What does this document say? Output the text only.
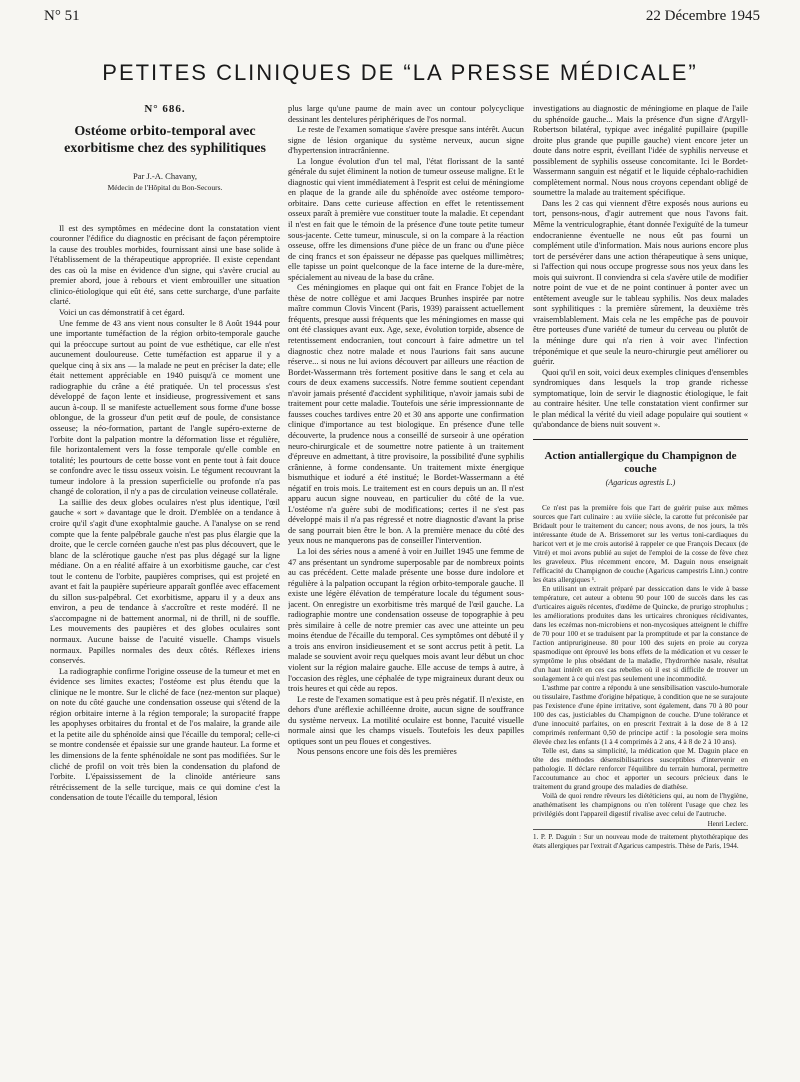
N° 51	22 Décembre 1945
PETITES CLINIQUES DE “LA PRESSE MÉDICALE”
N° 686.
Ostéome orbito-temporal avec exorbitisme chez des syphilitiques
Par J.-A. Chavany,
Médecin de l'Hôpital du Bon-Secours.

Il est des symptômes en médecine dont la constatation vient couronner l'édifice du diagnostic en précisant de façon péremptoire la cause des troubles morbides, fournissant ainsi une base solide à l'établissement de la thérapeutique appropriée. Il existe cependant des cas où la mise en évidence d'un signe, qui s'avère crucial au premier abord, joue à rebours et vient embrouiller une situation clinico-étiologique qui eût été, sans cette surcharge, d'une parfaite clarté.

Voici un cas démonstratif à cet égard.

Une femme de 43 ans vient nous consulter le 8 Août 1944 pour une importante tuméfaction de la région orbito-temporale gauche qui la préoccupe surtout au point de vue esthétique, car elle n'est aucunement douloureuse. Cette tuméfaction est apparue il y a quelque cinq à six ans — la malade ne peut en préciser la date; elle était nettement appréciable en 1940 puisqu'à ce moment une radiographie du crâne a été pratiquée. Un tel processus s'est développé de façon lente et insidieuse, progressivement et sans aucun à-coup. Il se manifeste actuellement sous forme d'une bosse oblongue, de la grosseur d'un petit œuf de poule, de consistance osseuse; la néo-formation, partant de l'angle supéro-externe de l'orbite dont la palpation montre la déformation lisse et régulière, file horizontalement vers la fosse temporale qu'elle comble en totalité; les pourtours de cette bosse vont en pente tout à fait douce se confondre avec le tissu osseux voisin. Le tégument recouvrant la tumeur indolore à la pression superficielle ou profonde n'a pas changé de coloration, il n'y a pas de circulation veineuse collatérale.

La saillie des deux globes oculaires n'est plus identique, l'œil gauche « sort » davantage que le droit. D'emblée on a tendance à croire qu'il s'agit d'une exophtalmie gauche. A l'analyse on se rend compte que la fente palpébrale gauche n'est pas plus élargie que la droite, que le cercle cornéen gauche n'est pas plus découvert, que le blanc de la sclérotique gauche n'est pas plus dégagé sur la ligne médiane. On a en réalité affaire à un exorbitisme gauche, car c'est tout le contenu de l'orbite, paupières comprises, qui est projeté en avant et fait la paupière supérieure apparaît gonflée avec effacement du sillon sus-palpébral. Cet exorbitisme, apparu il y a deux ans environ, a peu de tendance à s'accroître et reste modéré. Il ne s'accompagne ni de battement anormal, ni de thrill, ni de souffle. Les mouvements des paupières et des globes oculaires sont normaux. Aucune baisse de l'acuité visuelle. Champs visuels normaux. Papilles normales des deux côtés. Réflexes iriens conservés.

La radiographie confirme l'origine osseuse de la tumeur et met en évidence ses limites exactes; l'ostéome est plus étendu que la clinique ne le montre. Sur le cliché de face (nez-menton sur plaque) on note du côté gauche une condensation osseuse qui s'étend de la région orbitaire interne à la région temporale; la suropacité frappe les apophyses orbitaires du frontal et de l'os malaire, la grande aile et la petite aile du sphénoïde ainsi que l'écaille du temporal; celle-ci se montre condensée et épaissie sur une grande hauteur. La forme et les dimensions de la fente sphénoïdale ne sont pas modifiées. Sur le cliché de profil on voit très bien la condensation du plafond de l'orbite. L'épaississement de la clinoïde antérieure sans rétrécissement de la selle turcique, mais ce qui domine c'est la condensation de toute l'écaille du temporal, lésion

plus large qu'une paume de main avec un contour polycyclique dessinant les dentelures périphériques de l'os normal.

Le reste de l'examen somatique s'avère presque sans intérêt. Aucun signe de lésion organique du système nerveux, aucun signe d'hypertension intracrânienne.

La longue évolution d'un tel mal, l'état florissant de la santé générale du sujet éliminent la notion de tumeur osseuse maligne. Et le diagnostic qui vient immédiatement à l'esprit est celui de méningiome en plaque de la grande aile du sphénoïde avec ostéome temporo-orbitaire. Dans cette curieuse affection en effet le retentissement osseux paraît à première vue constituer toute la maladie. Et cependant il n'est en fait que le témoin de la présence d'une toute petite tumeur sous-jacente. Cette tumeur, minuscule, si on la compare à la réaction osseuse, offre les dimensions d'une pièce de un franc ou d'une pièce de cinq francs et son épaisseur ne dépasse pas quelques millimètres; elle tapisse un point quelconque de la face interne de la dure-mère, spécialement au niveau de la base du crâne.

Ces méningiomes en plaque qui ont fait en France l'objet de la thèse de notre collègue et ami Jacques Brunhes inspirée par notre maître commun Clovis Vincent (Paris, 1939) paraissent actuellement fréquents, presque aussi fréquents que les méningiomes en masse qui ont été classiques avant eux. Age, sexe, évolution torpide, absence de retentissement endocranien, tout concourt à faire admettre un tel diagnostic chez notre malade et nous l'aurions fait sans aucune réserve... si nous ne lui avions découvert par ailleurs une réaction de Bordet-Wassermann très fortement positive dans le sang et cela au cours de deux examens successifs. Notre femme soutient cependant n'avoir jamais présenté d'accident syphilitique, n'avoir jamais subi de traitement pour cette maladie. Toutefois une série impressionnante de fausses couches tardives entre 20 et 30 ans apporte une confirmation clinique d'importance au test biologique. En présence d'une telle découverte, la prudence nous a conseillé de surseoir à une opération neuro-chirurgicale et de soumettre notre patiente à un traitement d'épreuve en admettant, à titre provisoire, la possibilité d'une syphilis crânienne, à forme condensante. Un traitement mixte énergique bismuthique et ioduré a été institué; le Bordet-Wassermann a été négatif en trois mois. Le traitement est en cours depuis un an. Il n'est apparu aucun signe nouveau, en particulier du côté de la vue. L'ostéome n'a guère subi de modifications; certes il ne s'est pas développé mais il n'a pas régressé et notre diagnostic d'avant la prise de sang pourrait bien être le bon. A la première menace du côté des yeux nous ne manquerons pas de conseiller l'intervention.

La loi des séries nous a amené à voir en Juillet 1945 une femme de 47 ans présentant un syndrome superposable par de nombreux points au cas précédent. Cette malade présente une bosse dure indolore et régulière à la palpation occupant la région orbito-temporale gauche. Il existe une légère élévation de température locale du tégument sous-jacent. On enregistre un exorbitisme très marqué de l'œil gauche. La radiographie montre une condensation osseuse de topographie à peu près similaire à celle de notre premier cas avec une atteinte un peu moins étendue de l'écaille du temporal. Ces symptômes ont débuté il y a trois ans environ insidieusement et se sont accrus petit à petit. La malade se souvient avoir reçu quelques mois avant leur début un choc violent sur la région malaire gauche. Elle accuse de temps à autre, à l'occasion des règles, une céphalée de type migraineux durant deux ou trois heures et qui cède au repos.

Le reste de l'examen somatique est à peu près négatif. Il n'existe, en dehors d'une aréflexie achilléenne droite, aucun signe de souffrance du système nerveux. La motilité oculaire est bonne, l'acuité visuelle normale ainsi que les champs visuels. Toutefois les deux papilles optiques sont un peu floues et congestives.

Nous pensons encore une fois dès les premières

investigations au diagnostic de méningiome en plaque de l'aile du sphénoïde gauche... Mais la présence d'un signe d'Argyll-Robertson bilatéral, typique avec inégalité pupillaire (pupille droite plus grande que pupille gauche) vient encore jeter un doute dans notre esprit, éveillant l'idée de syphilis nerveuse et possiblement de syphilis osseuse concomitante. Ici le Bordet-Wassermann sanguin est négatif et le liquide céphalo-rachidien complètement normal. Nous nous croyons cependant obligé de soumettre la malade au traitement spécifique.

Dans les 2 cas qui viennent d'être exposés nous aurions eu tort, pensons-nous, d'agir autrement que nous l'avons fait. Même la ventriculographie, étant donnée l'exiguïté de la tumeur endocranienne éventuelle ne nous eût pas fourni un complément utile d'information. Mais nous aurions encore plus tort de persévérer dans une action thérapeutique à sens unique, si l'affection qui nous occupe progresse sous nos yeux dans les mois qui suivront. Il conviendra si cela s'avère utile de modifier notre point de vue et de ne point continuer à ponter avec un entêtement aveugle sur le tableau syphilis. Nos deux malades sont syphilitiques : la première sûrement, la deuxième très vraisemblablement. Mais cela ne les empêche pas de pouvoir être porteuses d'une variété de tumeur du cerveau ou plutôt de la méninge dure qui n'a rien à voir avec l'infection tréponémique et que seule la neuro-chirurgie peut améliorer ou guérir.

Quoi qu'il en soit, voici deux exemples cliniques d'ensembles syndromiques dans lesquels la trop grande richesse symptomatique, loin de servir le diagnostic étiologique, le fait au contraire hésiter. Une telle constatation vient confirmer sur le plan médical la vérité du vieil adage populaire qui soutient « qu'abondance de biens nuit souvent ».

Action antiallergique du Champignon de couche
(Agaricus agrestis L.)

Ce n'est pas la première fois que l'art de guérir puise aux mêmes sources que l'art culinaire : au xviiie siècle, la carotte fut préconisée par Bridault pour le traitement du cancer; nous avons, de nos jours, la très intéressante étude de A. Brissemoret sur les vertus toni-cardiaques du haricot vert et je me crois autorisé à rappeler ce que François Decaux (de Vitré) et moi avons publié au sujet de l'emploi de la cosse de fève chez les graveleux. Plus récemment encore, M. Daguin nous enseignait l'efficacité du Champignon de couche (Agaricus campestris Linn.) contre les états allergiques ¹.

En utilisant un extrait préparé par dessiccation dans le vide à basse température, cet auteur a obtenu 90 pour 100 de succès dans les cas d'urticaires aiguës récentes, d'œdème de Quincke, de prurigo strophulus ; les améliorations produites dans les urticaires chroniques récidivantes, dans les eczémas non-microbiens et non-mycosiques atteignent le chiffre de 70 pour 100 et se traduisent par la promptitude et par la constance de l'action antiprurigineuse. 80 pour 100 des sujets en proie au coryza spasmodique ont éprouvé les bons effets de la médication et vu cesser le symptôme le plus obsédant de la maladie, l'hydrorrhée nasale, résultat d'un haut intérêt en ces cas rebelles où il est si difficile de trouver un soulagement à ce qui n'est pas seulement une incommodité.

L'asthme par contre a répondu à une sensibilisation vasculo-humorale ou tissulaire, l'asthme d'origine hépatique, à condition que ne se surajoute pas l'existence d'une épine irritative, sont également, dans 70 à 80 pour 100 des cas, justiciables du Champignon de couche. D'une tolérance et d'une innocuité parfaites, on en prescrit l'extrait à la dose de 8 à 12 comprimés renfermant 0,50 de principe actif : la posologie sera moins élevée chez les enfants (1 à 4 comprimés à 2 ans, 4 à 8 de 2 à 10 ans).

Telle est, dans sa simplicité, la médication que M. Daguin place en tête des méthodes désensibilisatrices susceptibles d'intervenir en pathologie. Il déclare renforcer l'équilibre du terrain humoral, permettre l'accoutumance au choc et apporter un secours précieux dans le traitement du grand groupe des maladies de diathèse.

Voilà de quoi rendre rêveurs les diététiciens qui, au nom de l'hygiène, anathématisent les champignons ou n'en tolèrent l'usage que chez les privilégiés dont l'appareil digestif rivalise avec celui de l'autruche.

Henri Leclerc.

1. P. P. Daguin : Sur un nouveau mode de traitement phytothérapique des états allergiques par l'extrait d'Agaricus campestris. Thèse de Paris, 1944.
